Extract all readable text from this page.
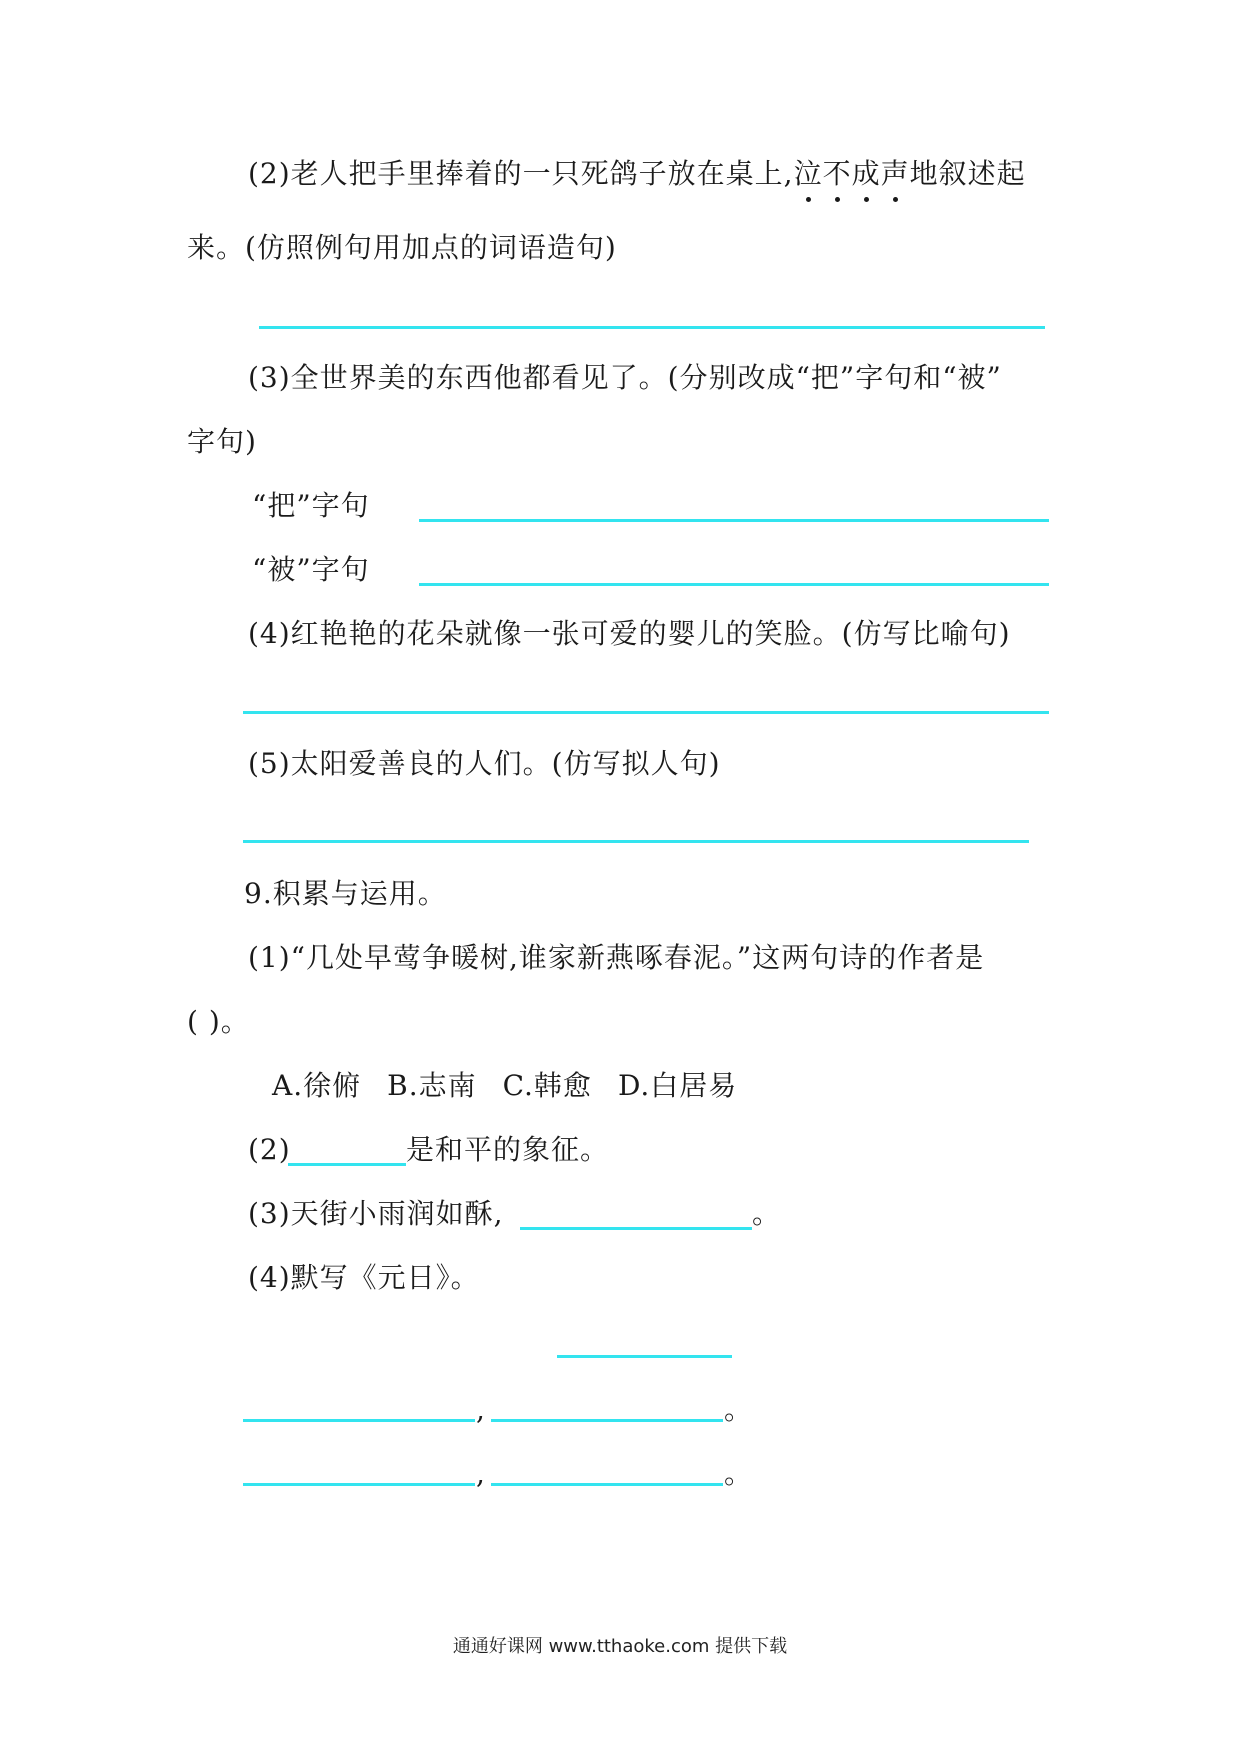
(2)老人把手里捧着的一只死鸽子放在桌上,泣不成声地叙述起
来。(仿照例句用加点的词语造句)
(3)全世界美的东西他都看见了。(分别改成“把”字句和“被”
字句)
“把”字句
“被”字句
(4)红艳艳的花朵就像一张可爱的婴儿的笑脸。(仿写比喻句)
(5)太阳爱善良的人们。(仿写拟人句)
9.积累与运用。
(1)“几处早莺争暖树,谁家新燕啄春泥。”这两句诗的作者是
( )。
A.徐俯 B.志南 C.韩愈 D.白居易
(2)	是和平的象征。
(3)天街小雨润如酥,	。
(4)默写《元日》。
,	。
,	。
通通好课网 www.tthaoke.com 提供下载
